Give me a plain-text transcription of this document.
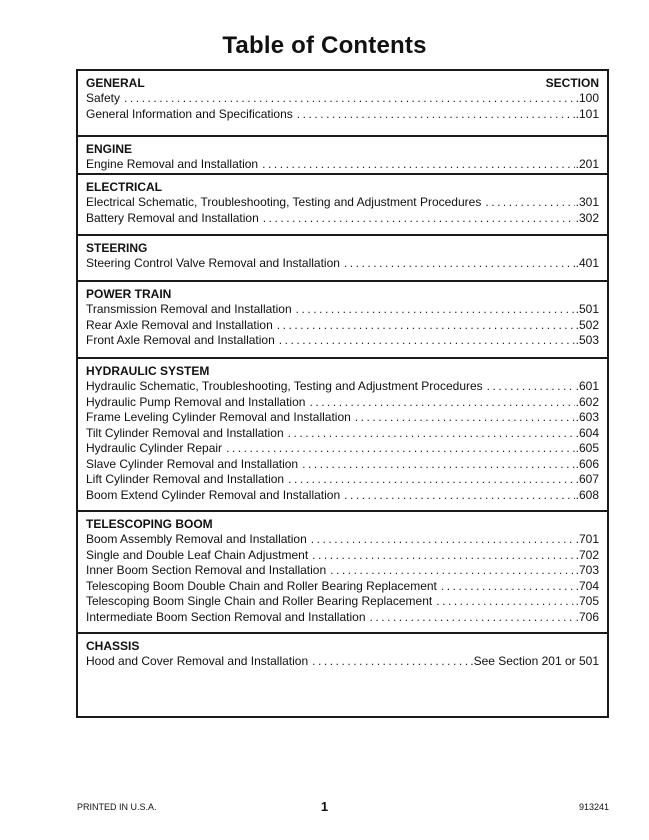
Table of Contents
GENERAL	SECTION
Safety . . .	.100
General Information and Specifications . . .	.101
ENGINE
Engine Removal and Installation . . .	.201
ELECTRICAL
Electrical Schematic, Troubleshooting, Testing and Adjustment Procedures . . .	.301
Battery Removal and Installation . . .	.302
STEERING
Steering Control Valve Removal and Installation . . .	.401
POWER TRAIN
Transmission Removal and Installation . . .	.501
Rear Axle Removal and Installation . . .	.502
Front Axle Removal and Installation . . .	.503
HYDRAULIC SYSTEM
Hydraulic Schematic, Troubleshooting, Testing and Adjustment Procedures . . .	.601
Hydraulic Pump Removal and Installation . . .	.602
Frame Leveling Cylinder Removal and Installation . . .	.603
Tilt Cylinder Removal and Installation . . .	.604
Hydraulic Cylinder Repair . . .	.605
Slave Cylinder Removal and Installation . . .	.606
Lift Cylinder Removal and Installation . . .	.607
Boom Extend Cylinder Removal and Installation . . .	.608
TELESCOPING BOOM
Boom Assembly Removal and Installation . . .	.701
Single and Double Leaf Chain Adjustment . . .	.702
Inner Boom Section Removal and Installation . . .	.703
Telescoping Boom Double Chain and Roller Bearing Replacement . . .	.704
Telescoping Boom Single Chain and Roller Bearing Replacement . . .	.705
Intermediate Boom Section Removal and Installation . . .	.706
CHASSIS
Hood and Cover Removal and Installation . . .	.See Section 201 or 501
PRINTED IN U.S.A.	1	913241
